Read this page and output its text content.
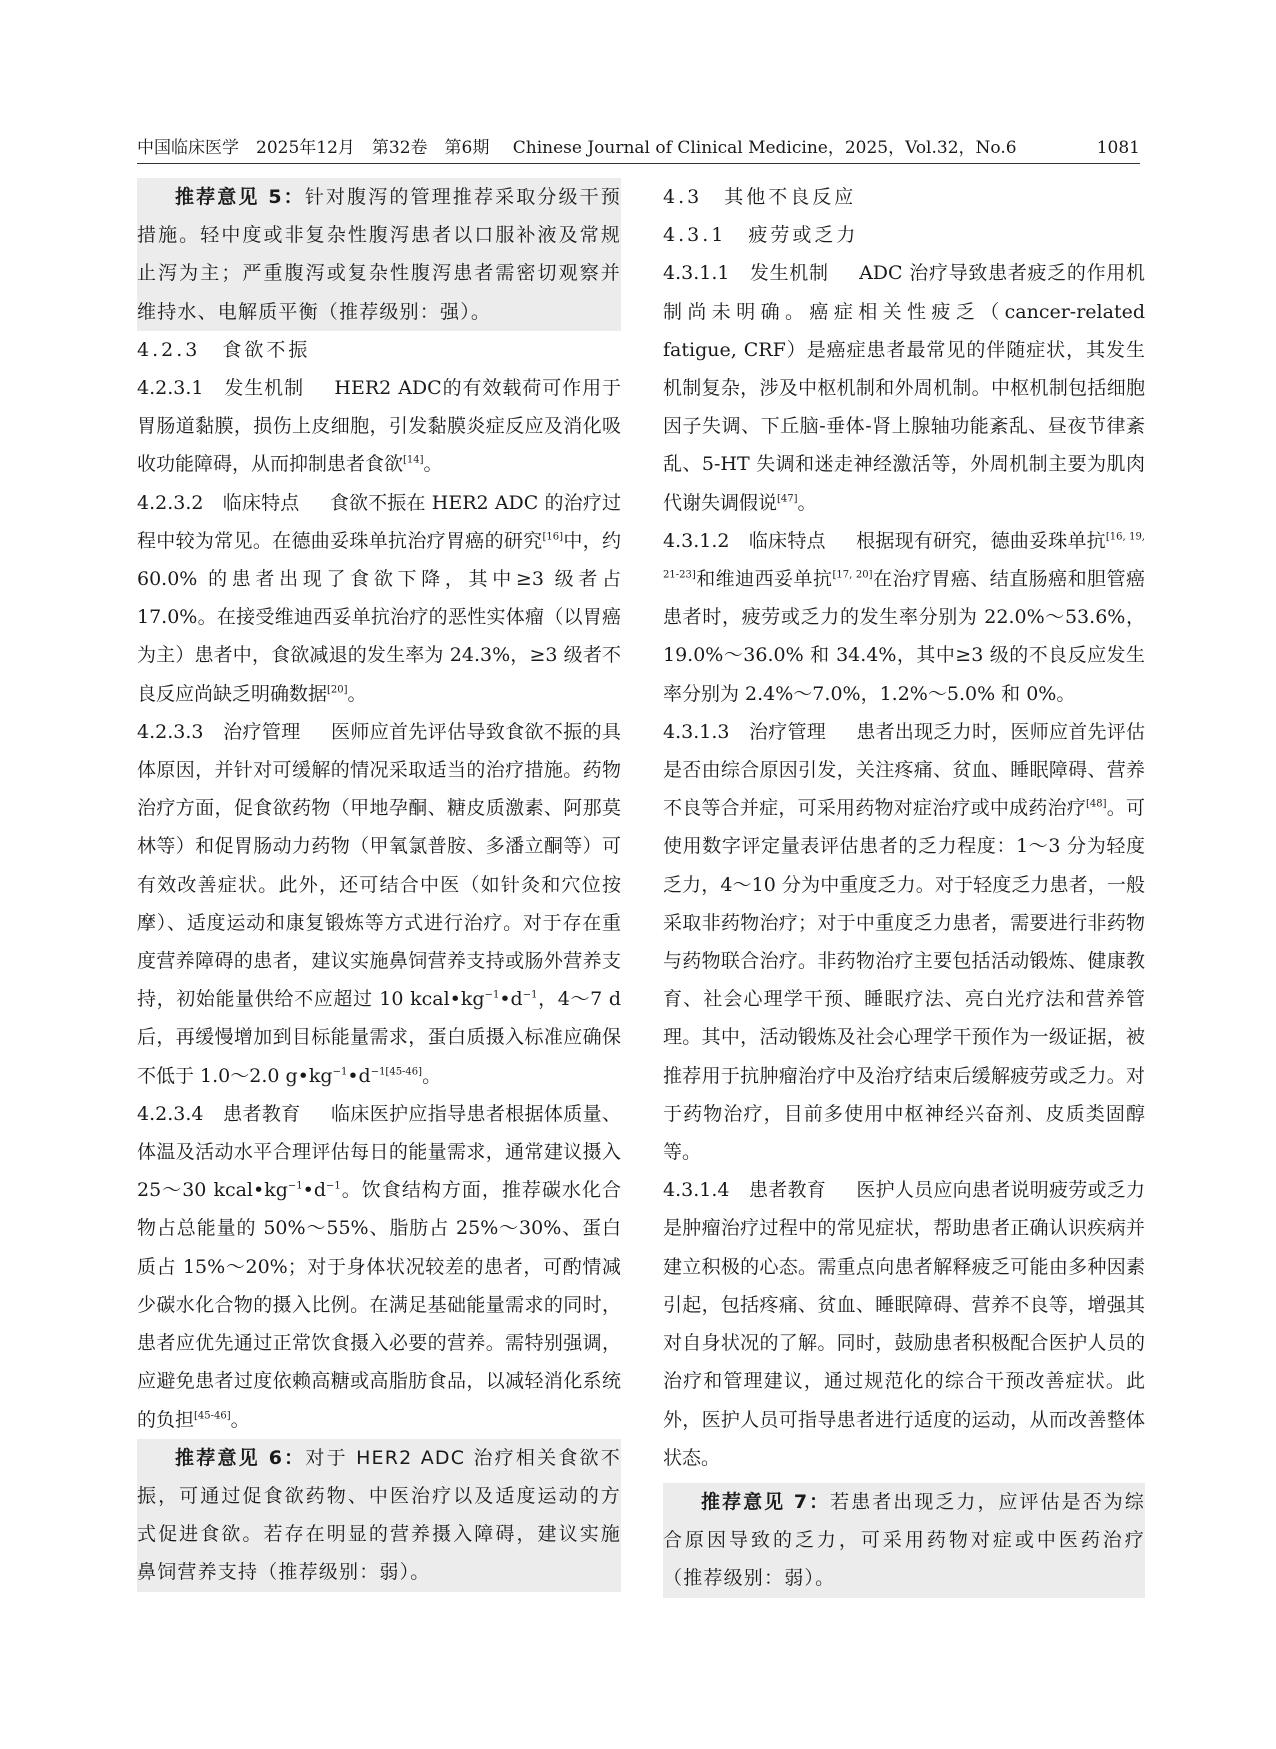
中国临床医学　2025年12月　第32卷　第6期 Chinese Journal of Clinical Medicine，2025，Vol.32，No.6	1081

推荐意见 5：针对腹泻的管理推荐采取分级干预措施。轻中度或非复杂性腹泻患者以口服补液及常规止泻为主；严重腹泻或复杂性腹泻患者需密切观察并维持水、电解质平衡（推荐级别：强）。

4.2.3　食欲不振

4.2.3.1　发生机制 HER2 ADC的有效载荷可作用于胃肠道黏膜，损伤上皮细胞，引发黏膜炎症反应及消化吸收功能障碍，从而抑制患者食欲[14]。

4.2.3.2　临床特点 食欲不振在 HER2 ADC 的治疗过程中较为常见。在德曲妥珠单抗治疗胃癌的研究[16]中，约 60.0% 的患者出现了食欲下降，其中≥3 级者占 17.0%。在接受维迪西妥单抗治疗的恶性实体瘤（以胃癌为主）患者中，食欲减退的发生率为 24.3%，≥3 级者不良反应尚缺乏明确数据[20]。

4.2.3.3　治疗管理 医师应首先评估导致食欲不振的具体原因，并针对可缓解的情况采取适当的治疗措施。药物治疗方面，促食欲药物（甲地孕酮、糖皮质激素、阿那莫林等）和促胃肠动力药物（甲氧氯普胺、多潘立酮等）可有效改善症状。此外，还可结合中医（如针灸和穴位按摩）、适度运动和康复锻炼等方式进行治疗。对于存在重度营养障碍的患者，建议实施鼻饲营养支持或肠外营养支持，初始能量供给不应超过 10 $kcal•kg^{-1}•d^{-1}$，4～7 d 后，再缓慢增加到目标能量需求，蛋白质摄入标准应确保不低于 1.0～2.0 $g•kg^{-1}•d^{-1[45-46]}$。

4.2.3.4　患者教育 临床医护应指导患者根据体质量、体温及活动水平合理评估每日的能量需求，通常建议摄入 25～30 $kcal•kg^{-1}•d^{-1}$。饮食结构方面，推荐碳水化合物占总能量的 50%～55%、脂肪占 25%～30%、蛋白质占 15%～20%；对于身体状况较差的患者，可酌情减少碳水化合物的摄入比例。在满足基础能量需求的同时，患者应优先通过正常饮食摄入必要的营养。需特别强调，应避免患者过度依赖高糖或高脂肪食品，以减轻消化系统的负担[45-46]。

推荐意见 6：对于 HER2 ADC 治疗相关食欲不振，可通过促食欲药物、中医治疗以及适度运动的方式促进食欲。若存在明显的营养摄入障碍，建议实施鼻饲营养支持（推荐级别：弱）。

4.3　其他不良反应

4.3.1　疲劳或乏力

4.3.1.1　发生机制 ADC 治疗导致患者疲乏的作用机制尚未明确。癌症相关性疲乏（cancer-related fatigue, CRF）是癌症患者最常见的伴随症状，其发生机制复杂，涉及中枢机制和外周机制。中枢机制包括细胞因子失调、下丘脑-垂体-肾上腺轴功能紊乱、昼夜节律紊乱、5-HT 失调和迷走神经激活等，外周机制主要为肌肉代谢失调假说[47]。

4.3.1.2　临床特点 根据现有研究，德曲妥珠单抗[16, 19, 21-23]和维迪西妥单抗[17, 20]在治疗胃癌、结直肠癌和胆管癌患者时，疲劳或乏力的发生率分别为 22.0%～53.6%，19.0%～36.0% 和 34.4%，其中≥3 级的不良反应发生率分别为 2.4%～7.0%，1.2%～5.0% 和 0%。

4.3.1.3　治疗管理 患者出现乏力时，医师应首先评估是否由综合原因引发，关注疼痛、贫血、睡眠障碍、营养不良等合并症，可采用药物对症治疗或中成药治疗[48]。可使用数字评定量表评估患者的乏力程度：1～3 分为轻度乏力，4～10 分为中重度乏力。对于轻度乏力患者，一般采取非药物治疗；对于中重度乏力患者，需要进行非药物与药物联合治疗。非药物治疗主要包括活动锻炼、健康教育、社会心理学干预、睡眠疗法、亮白光疗法和营养管理。其中，活动锻炼及社会心理学干预作为一级证据，被推荐用于抗肿瘤治疗中及治疗结束后缓解疲劳或乏力。对于药物治疗，目前多使用中枢神经兴奋剂、皮质类固醇等。

4.3.1.4　患者教育 医护人员应向患者说明疲劳或乏力是肿瘤治疗过程中的常见症状，帮助患者正确认识疾病并建立积极的心态。需重点向患者解释疲乏可能由多种因素引起，包括疼痛、贫血、睡眠障碍、营养不良等，增强其对自身状况的了解。同时，鼓励患者积极配合医护人员的治疗和管理建议，通过规范化的综合干预改善症状。此外，医护人员可指导患者进行适度的运动，从而改善整体状态。

推荐意见 7：若患者出现乏力，应评估是否为综合原因导致的乏力，可采用药物对症或中医药治疗（推荐级别：弱）。
